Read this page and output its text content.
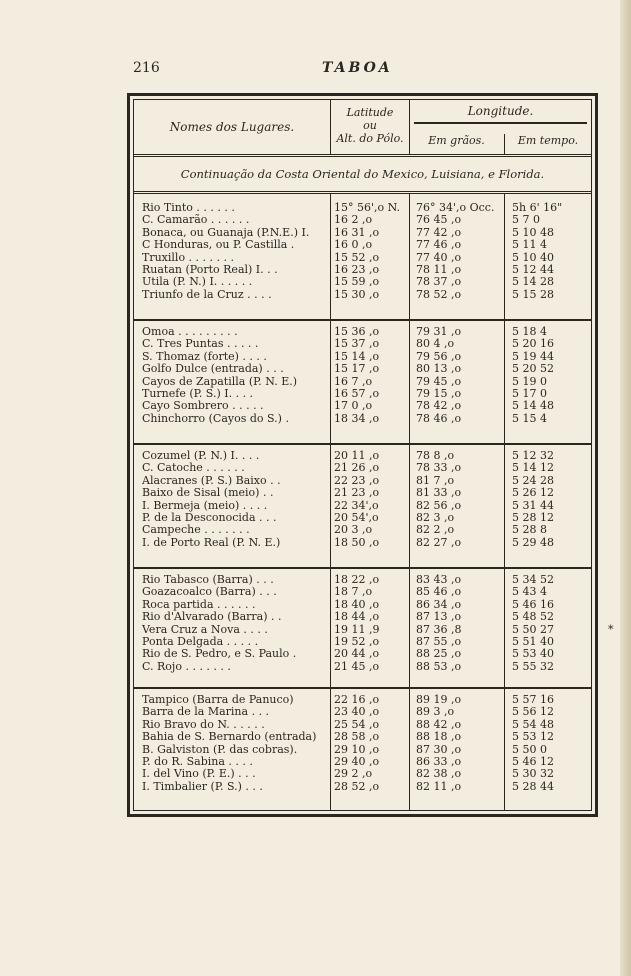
216	TABOA
Nomes dos Lugares.
Latitude
ou
Alt. do Pólo.
Longitude.
Em grãos.	Em tempo.
Continuação da Costa Oriental do Mexico, Luisiana, e Florida.
Rio Tinto . . . . . .	15° 56',o N.	76° 34',o Occ.	5h 6' 16"
C. Camarão . . . . . .	16 2 ,o	76 45 ,o	5 7 0
Bonaca, ou Guanaja (P.N.E.) I.	16 31 ,o	77 42 ,o	5 10 48
C Honduras, ou P. Castilla .	16 0 ,o	77 46 ,o	5 11 4
Truxillo . . . . . . .	15 52 ,o	77 40 ,o	5 10 40
Ruatan (Porto Real) I. . .	16 23 ,o	78 11 ,o	5 12 44
Utila (P. N.) I. . . . . .	15 59 ,o	78 37 ,o	5 14 28
Triunfo de la Cruz . . . .	15 30 ,o	78 52 ,o	5 15 28
Omoa . . . . . . . . .	15 36 ,o	79 31 ,o	5 18 4
C. Tres Puntas . . . . .	15 37 ,o	80 4 ,o	5 20 16
S. Thomaz (forte) . . . .	15 14 ,o	79 56 ,o	5 19 44
Golfo Dulce (entrada) . . .	15 17 ,o	80 13 ,o	5 20 52
Cayos de Zapatilla (P. N. E.)	16 7 ,o	79 45 ,o	5 19 0
Turnefe (P. S.) I. . . .	16 57 ,o	79 15 ,o	5 17 0
Cayo Sombrero . . . . .	17 0 ,o	78 42 ,o	5 14 48
Chinchorro (Cayos do S.) .	18 34 ,o	78 46 ,o	5 15 4
Cozumel (P. N.) I. . . .	20 11 ,o	78 8 ,o	5 12 32
C. Catoche . . . . . .	21 26 ,o	78 33 ,o	5 14 12
Alacranes (P. S.) Baixo . .	22 23 ,o	81 7 ,o	5 24 28
Baixo de Sisal (meio) . .	21 23 ,o	81 33 ,o	5 26 12
I. Bermeja (meio) . . . .	22 34',o	82 56 ,o	5 31 44
P. de la Desconocida . . .	20 54',o	82 3 ,o	5 28 12
Campeche . . . . . . .	20 3 ,o	82 2 ,o	5 28 8
I. de Porto Real (P. N. E.)	18 50 ,o	82 27 ,o	5 29 48
Rio Tabasco (Barra) . . .	18 22 ,o	83 43 ,o	5 34 52
Goazacoalco (Barra) . . .	18 7 ,o	85 46 ,o	5 43 4
Roca partida . . . . . .	18 40 ,o	86 34 ,o	5 46 16
Rio d'Alvarado (Barra) . .	18 44 ,o	87 13 ,o	5 48 52
Vera Cruz a Nova . . . .	19 11 ,9	87 36 ,8	5 50 27	*
Ponta Delgada . . . . .	19 52 ,o	87 55 ,o	5 51 40
Rio de S. Pedro, e S. Paulo .	20 44 ,o	88 25 ,o	5 53 40
C. Rojo . . . . . . .	21 45 ,o	88 53 ,o	5 55 32
Tampico (Barra de Panuco)	22 16 ,o	89 19 ,o	5 57 16
Barra de la Marina . . .	23 40 ,o	89 3 ,o	5 56 12
Rio Bravo do N. . . . . .	25 54 ,o	88 42 ,o	5 54 48
Bahia de S. Bernardo (entrada)	28 58 ,o	88 18 ,o	5 53 12
B. Galviston (P. das cobras).	29 10 ,o	87 30 ,o	5 50 0
P. do R. Sabina . . . .	29 40 ,o	86 33 ,o	5 46 12
I. del Vino (P. E.) . . .	29 2 ,o	82 38 ,o	5 30 32
I. Timbalier (P. S.) . . .	28 52 ,o	82 11 ,o	5 28 44
